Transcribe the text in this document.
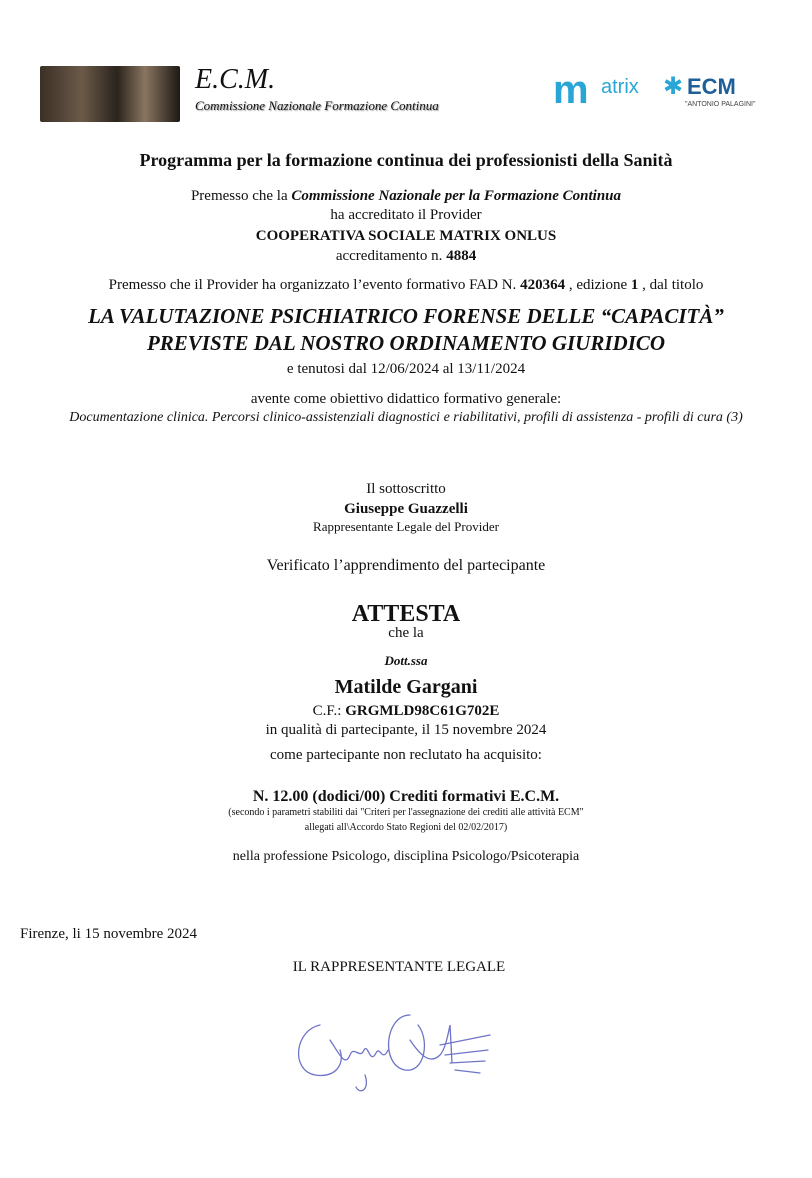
E.C.M.
Commissione Nazionale Formazione Continua	m atrix ✱ ECM
"ANTONIO PALAGINI"
Programma per la formazione continua dei professionisti della Sanità
Premesso che la Commissione Nazionale per la Formazione Continua
ha accreditato il Provider
COOPERATIVA SOCIALE MATRIX ONLUS
accreditamento n. 4884
Premesso che il Provider ha organizzato l’evento formativo FAD N. 420364 , edizione 1 , dal titolo
LA VALUTAZIONE PSICHIATRICO FORENSE DELLE “CAPACITÀ”
PREVISTE DAL NOSTRO ORDINAMENTO GIURIDICO
e tenutosi dal 12/06/2024 al 13/11/2024
avente come obiettivo didattico formativo generale:
Documentazione clinica. Percorsi clinico-assistenziali diagnostici e riabilitativi, profili di assistenza - profili di cura (3)
Il sottoscritto
Giuseppe Guazzelli
Rappresentante Legale del Provider
Verificato l’apprendimento del partecipante
ATTESTA
che la
Dott.ssa
Matilde Gargani
C.F.: GRGMLD98C61G702E
in qualità di partecipante, il 15 novembre 2024
come partecipante non reclutato ha acquisito:
N. 12.00 (dodici/00) Crediti formativi E.C.M.
(secondo i parametri stabiliti dai "Criteri per l'assegnazione dei crediti alle attività ECM"
allegati all\Accordo Stato Regioni del 02/02/2017)
nella professione Psicologo, disciplina Psicologo/Psicoterapia
Firenze, li 15 novembre 2024
IL RAPPRESENTANTE LEGALE
